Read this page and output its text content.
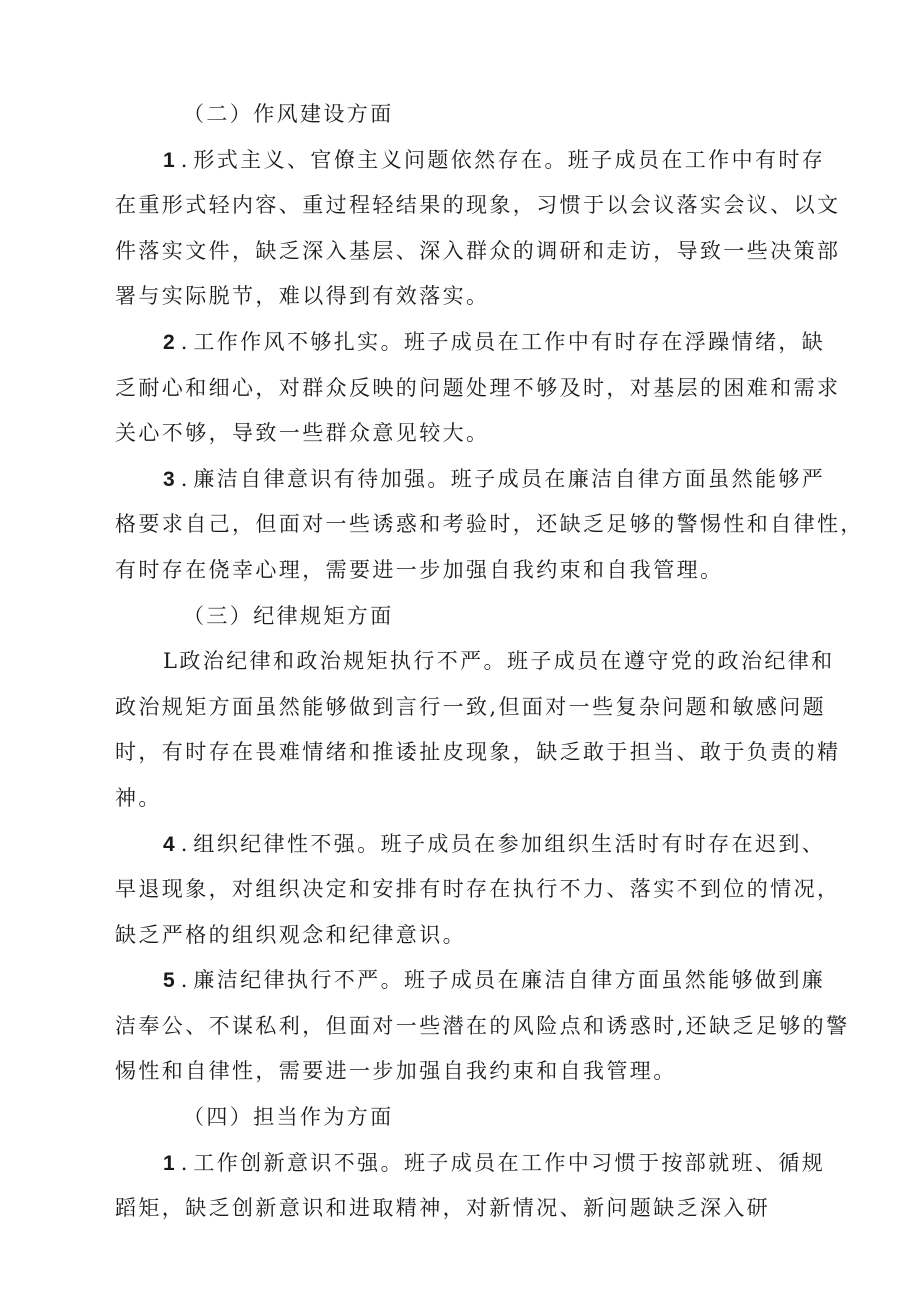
（二）作风建设方面
1 . 形式主义、官僚主义问题依然存在。班子成员在工作中有时存
在重形式轻内容、重过程轻结果的现象，习惯于以会议落实会议、以文
件落实文件，缺乏深入基层、深入群众的调研和走访，导致一些决策部
署与实际脱节，难以得到有效落实。
2 . 工作作风不够扎实。班子成员在工作中有时存在浮躁情绪，缺
乏耐心和细心，对群众反映的问题处理不够及时，对基层的困难和需求
关心不够，导致一些群众意见较大。
3 . 廉洁自律意识有待加强。班子成员在廉洁自律方面虽然能够严
格要求自己，但面对一些诱惑和考验时，还缺乏足够的警惕性和自律性，
有时存在侥幸心理，需要进一步加强自我约束和自我管理。
（三）纪律规矩方面
L政治纪律和政治规矩执行不严。班子成员在遵守党的政治纪律和
政治规矩方面虽然能够做到言行一致,但面对一些复杂问题和敏感问题
时，有时存在畏难情绪和推诿扯皮现象，缺乏敢于担当、敢于负责的精
神。
4 . 组织纪律性不强。班子成员在参加组织生活时有时存在迟到、
早退现象，对组织决定和安排有时存在执行不力、落实不到位的情况，
缺乏严格的组织观念和纪律意识。
5 . 廉洁纪律执行不严。班子成员在廉洁自律方面虽然能够做到廉
洁奉公、不谋私利，但面对一些潜在的风险点和诱惑时,还缺乏足够的警
惕性和自律性，需要进一步加强自我约束和自我管理。
（四）担当作为方面
1 . 工作创新意识不强。班子成员在工作中习惯于按部就班、循规
蹈矩，缺乏创新意识和进取精神，对新情况、新问题缺乏深入研
